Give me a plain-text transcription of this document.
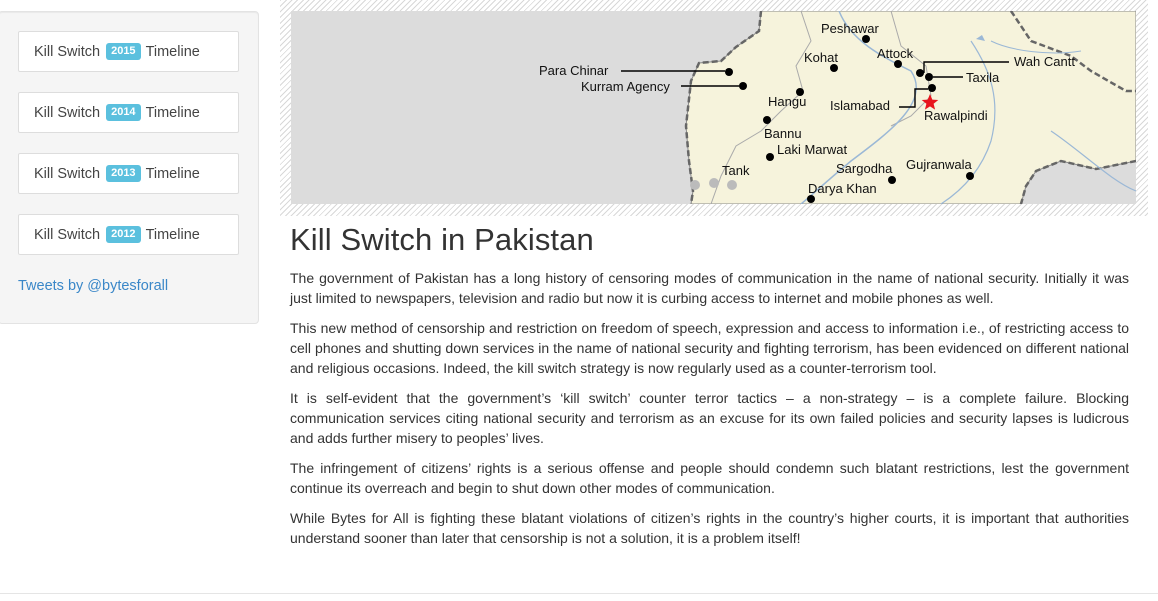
Kill Switch	2015 Timeline
Kill Switch	2014 Timeline
Kill Switch	2013 Timeline
Kill Switch	2012 Timeline
Tweets by @bytesforall
Peshawar
Kohat	Attock
Wah Cantt
Taxila
Para Chinar
Kurram Agency
Hangu Islamabad
Rawalpindi
Bannu
Laki Marwat
Sargodha Gujranwala
Tank
Darya Khan
Kill Switch in Pakistan

The government of Pakistan has a long history of censoring modes of communication in the name of national security. Initially it was just limited to newspapers, television and radio but now it is curbing access to internet and mobile phones as well.

This new method of censorship and restriction on freedom of speech, expression and access to information i.e., of restricting access to cell phones and shutting down services in the name of national security and fighting terrorism, has been evidenced on different national and religious occasions. Indeed, the kill switch strategy is now regularly used as a counter-terrorism tool.

It is self-evident that the government’s ‘kill switch’ counter terror tactics – a non-strategy – is a complete failure. Blocking communication services citing national security and terrorism as an excuse for its own failed policies and security lapses is ludicrous and adds further misery to peoples’ lives.

The infringement of citizens’ rights is a serious offense and people should condemn such blatant restrictions, lest the government continue its overreach and begin to shut down other modes of communication.

While Bytes for All is fighting these blatant violations of citizen’s rights in the country’s higher courts, it is important that authorities understand sooner than later that censorship is not a solution, it is a problem itself!
